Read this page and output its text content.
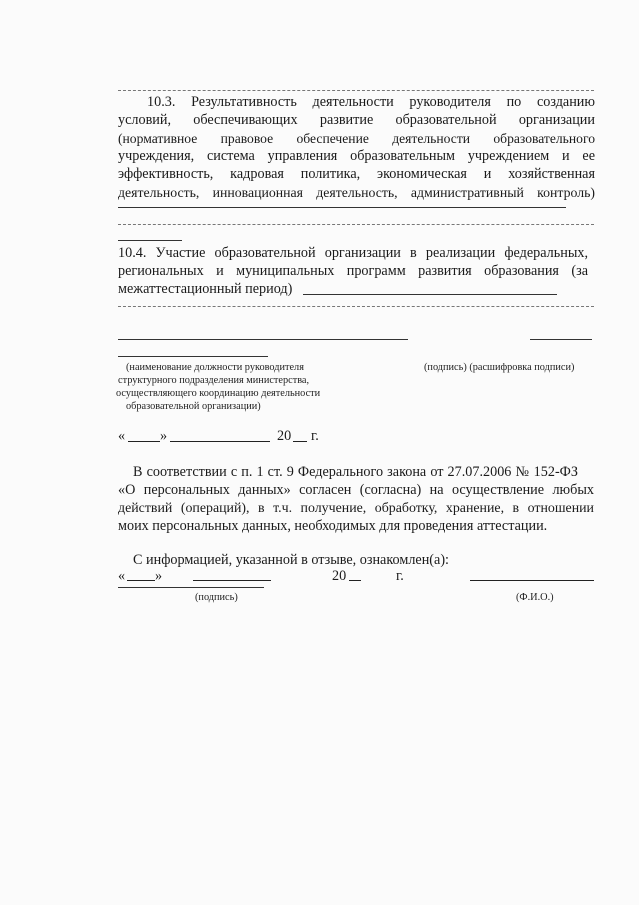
10.3. Результативность деятельности руководителя по созданию
условий, обеспечивающих развитие образовательной организации
(нормативное правовое обеспечение деятельности образовательного
учреждения, система управления образовательным учреждением и ее
эффективность, кадровая политика, экономическая и хозяйственная
деятельность, инновационная деятельность, административный контроль)
10.4. Участие образовательной организации в реализации федеральных,
региональных и муниципальных программ развития образования (за
межаттестационный период)
(наименование должности руководителя
структурного подразделения министерства,
осуществляющего координацию деятельности
образовательной организации)
(подпись) (расшифровка подписи)
« »	20 г.
В соответствии с п. 1 ст. 9 Федерального закона от 27.07.2006 № 152-ФЗ
«О персональных данных» согласен (согласна) на осуществление любых
действий (операций), в т.ч. получение, обработку, хранение, в отношении
моих персональных данных, необходимых для проведения аттестации.
С информацией, указанной в отзыве, ознакомлен(а):
« »	20	г.
(подпись)	(Ф.И.О.)
